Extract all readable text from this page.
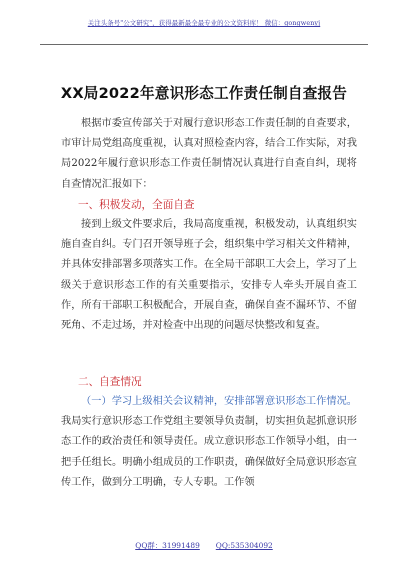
关注头条号"公文研究"，获得最新最全最专业的公文资料库！ 微信：gongwenyj
XX局2022年意识形态工作责任制自查报告

根据市委宣传部关于对履行意识形态工作责任制的自查要求，市审计局党组高度重视，认真对照检查内容，结合工作实际，对我局2022年履行意识形态工作责任制情况认真进行自查自纠，现将自查情况汇报如下：

一、积极发动，全面自查

接到上级文件要求后，我局高度重视，积极发动，认真组织实施自查自纠。专门召开领导班子会，组织集中学习相关文件精神，并具体安排部署多项落实工作。在全局干部职工大会上，学习了上级关于意识形态工作的有关重要指示，安排专人牵头开展自查工作，所有干部职工积极配合，开展自查，确保自查不漏环节、不留死角、不走过场，并对检查中出现的问题尽快整改和复查。

二、自查情况

（一）学习上级相关会议精神，安排部署意识形态工作情况。我局实行意识形态工作党组主要领导负责制，切实担负起抓意识形态工作的政治责任和领导责任。成立意识形态工作领导小组，由一把手任组长。明确小组成员的工作职责，确保做好全局意识形态宣传工作，做到分工明确，专人专职。工作领

QQ群：31991489 QQ:535304092
